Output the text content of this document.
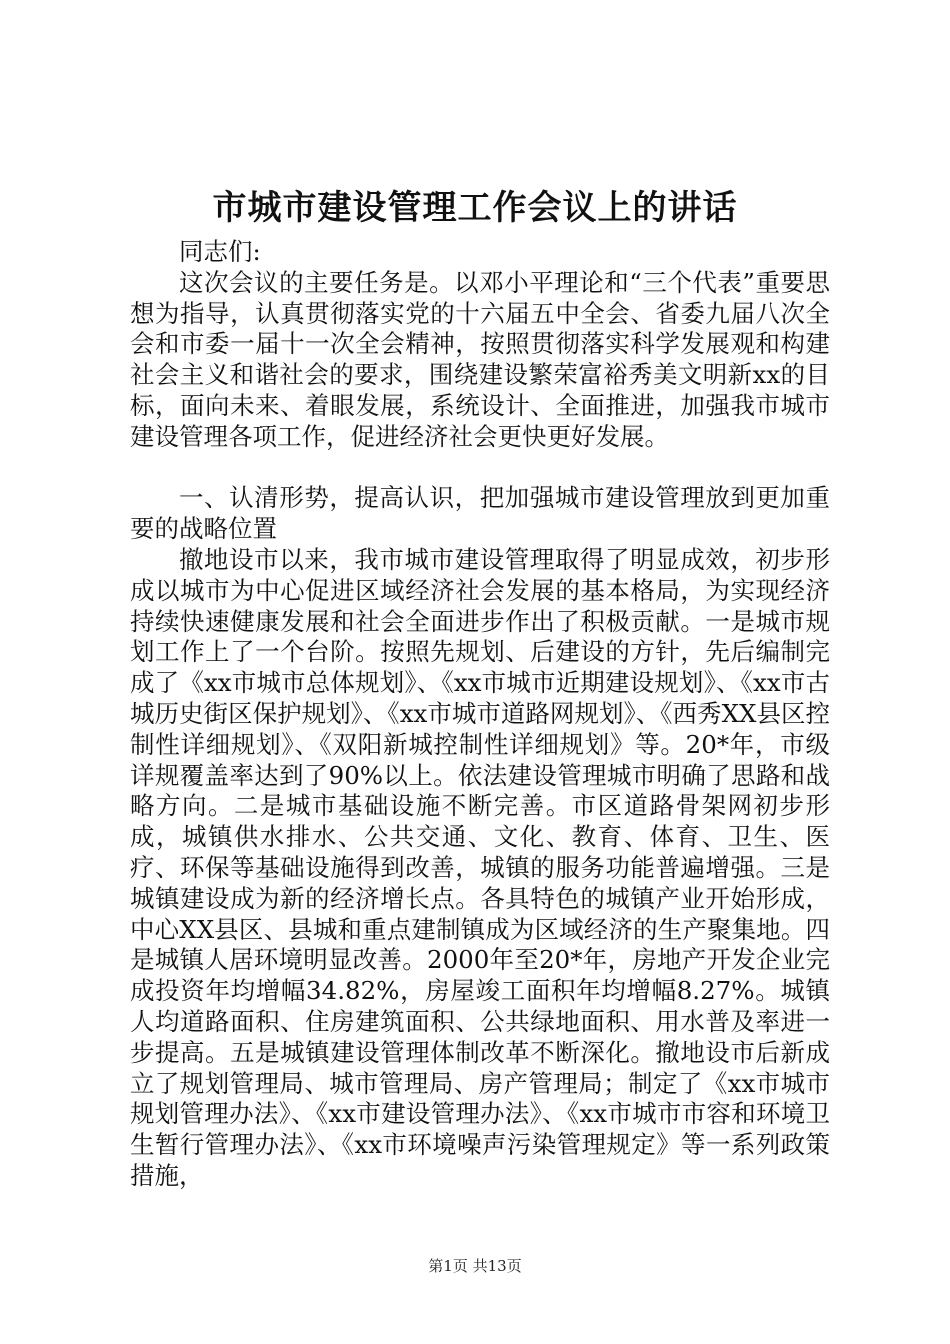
市城市建设管理工作会议上的讲话

同志们:

这次会议的主要任务是。以邓小平理论和“三个代表”重要思想为指导，认真贯彻落实党的十六届五中全会、省委九届八次全会和市委一届十一次全会精神，按照贯彻落实科学发展观和构建社会主义和谐社会的要求，围绕建设繁荣富裕秀美文明新xx的目标，面向未来、着眼发展，系统设计、全面推进，加强我市城市建设管理各项工作，促进经济社会更快更好发展。

一、认清形势，提高认识，把加强城市建设管理放到更加重要的战略位置

撤地设市以来，我市城市建设管理取得了明显成效，初步形成以城市为中心促进区域经济社会发展的基本格局，为实现经济持续快速健康发展和社会全面进步作出了积极贡献。一是城市规划工作上了一个台阶。按照先规划、后建设的方针，先后编制完成了《xx市城市总体规划》、《xx市城市近期建设规划》、《xx市古城历史街区保护规划》、《xx市城市道路网规划》、《西秀XX县区控制性详细规划》、《双阳新城控制性详细规划》等。20*年，市级详规覆盖率达到了90%以上。依法建设管理城市明确了思路和战略方向。二是城市基础设施不断完善。市区道路骨架网初步形成，城镇供水排水、公共交通、文化、教育、体育、卫生、医疗、环保等基础设施得到改善，城镇的服务功能普遍增强。三是城镇建设成为新的经济增长点。各具特色的城镇产业开始形成，中心XX县区、县城和重点建制镇成为区域经济的生产聚集地。四是城镇人居环境明显改善。2000年至20*年，房地产开发企业完成投资年均增幅34.82%，房屋竣工面积年均增幅8.27%。城镇人均道路面积、住房建筑面积、公共绿地面积、用水普及率进一步提高。五是城镇建设管理体制改革不断深化。撤地设市后新成立了规划管理局、城市管理局、房产管理局；制定了《xx市城市规划管理办法》、《xx市建设管理办法》、《xx市城市市容和环境卫生暂行管理办法》、《xx市环境噪声污染管理规定》等一系列政策措施，

第1页 共13页
